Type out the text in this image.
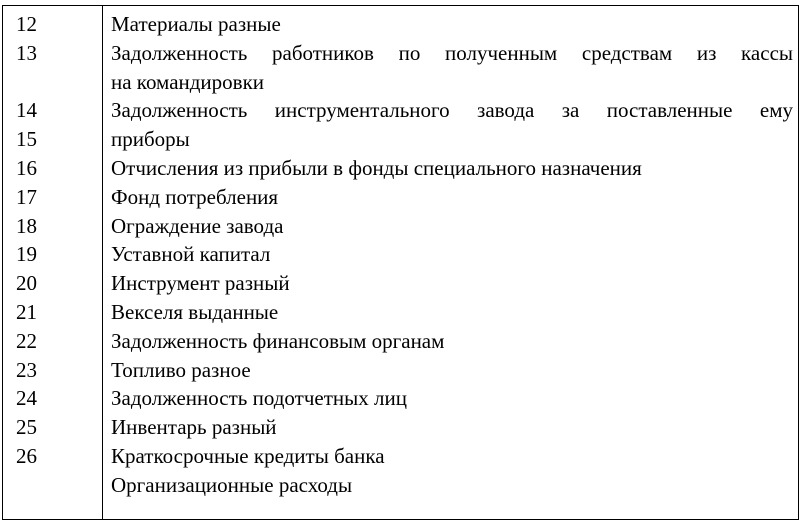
12
13
14
15
16
17
18
19
20
21
22
23
24
25
26
Материалы разные
Задолженность работников по полученным средствам из кассы
на командировки
Задолженность инструментального завода за поставленные ему
приборы
Отчисления из прибыли в фонды специального назначения
Фонд потребления
Ограждение завода
Уставной капитал
Инструмент разный
Векселя выданные
Задолженность финансовым органам
Топливо разное
Задолженность подотчетных лиц
Инвентарь разный
Краткосрочные кредиты банка
Организационные расходы
